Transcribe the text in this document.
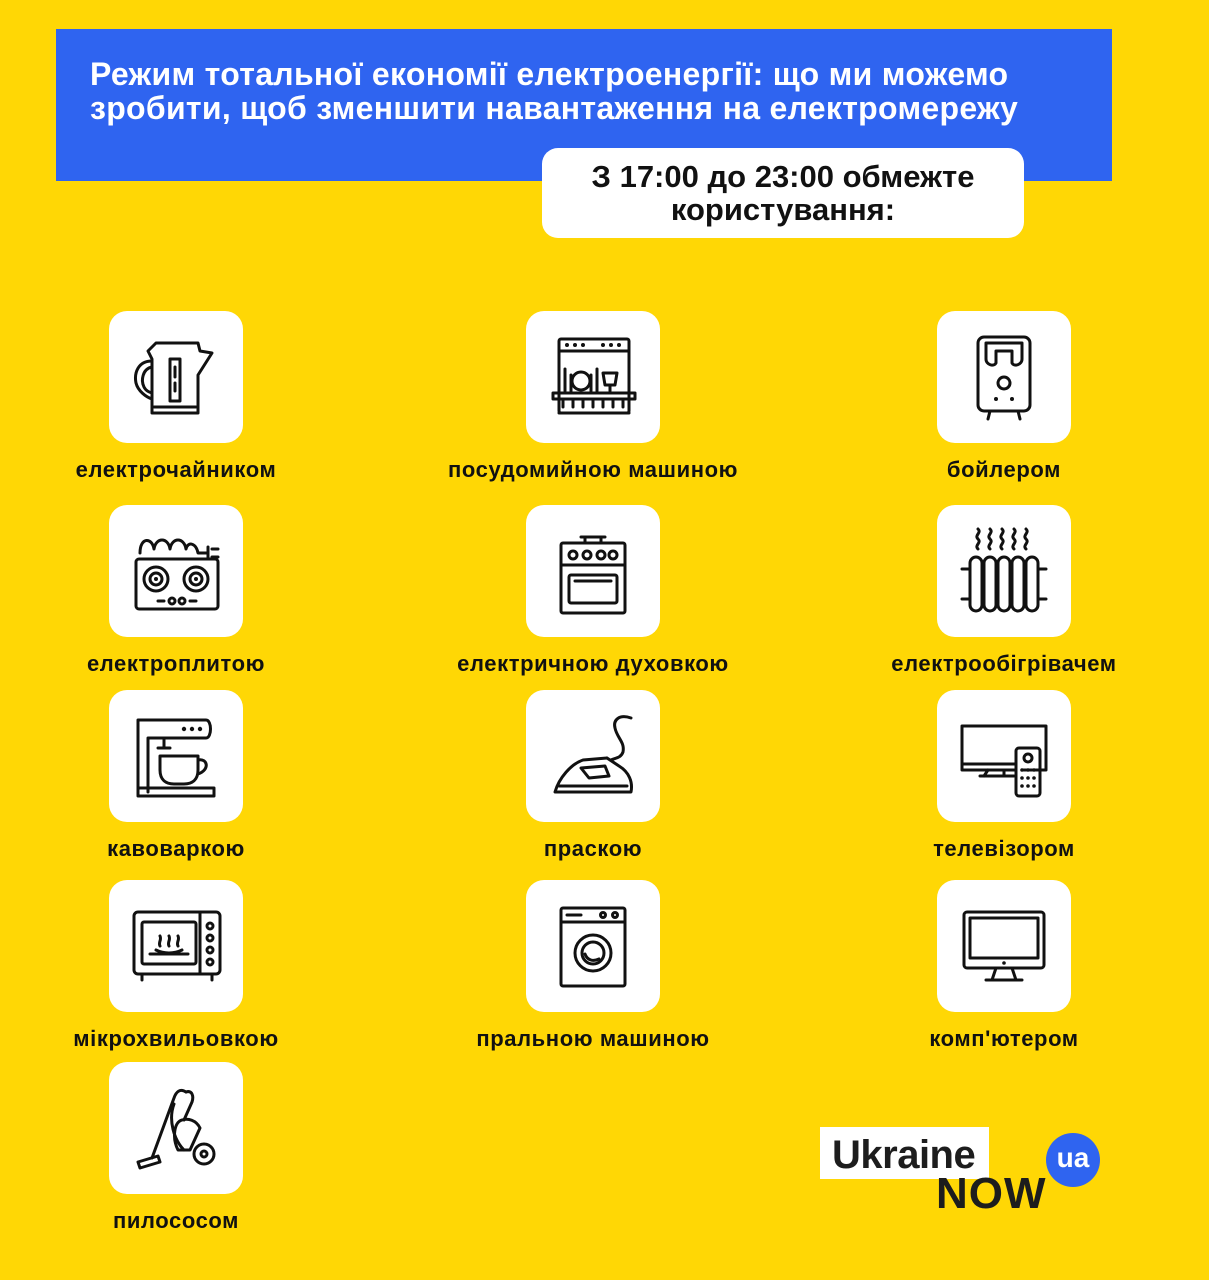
Режим тотальної економії електроенергії: що ми можемо зробити, щоб зменшити навантаження на електромережу

З 17:00 до 23:00 обмежте користування:
електрочайником	посудомийною машиною	бойлером
електроплитою	електричною духовкою	електрообігрівачем
кавоваркою	праскою	телевізором
мікрохвильовкою	пральною машиною	комп'ютером
пилососом
Ukraine
NOW
ua
